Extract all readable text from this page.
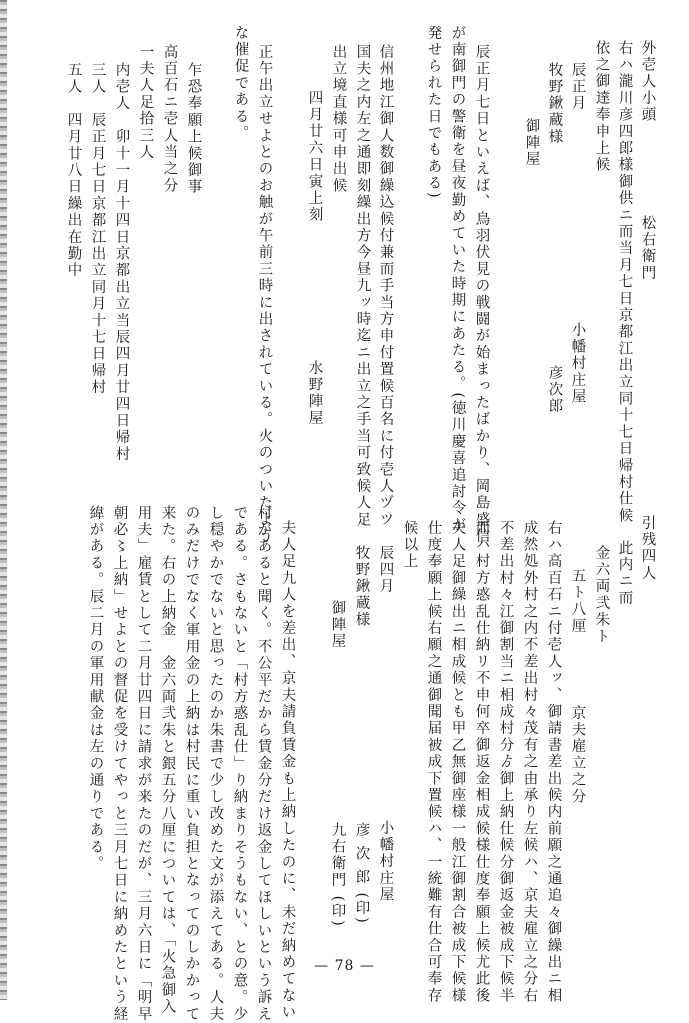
外壱人小頭

松右衛門

右ハ瀧川彦四郎様御供ニ而当月七日京都江出立同十七日帰村仕候

依之御達奉申上候

辰正月

小幡村庄屋

牧野鍬蔵様

彦次郎

御陣屋

辰正月七日といえば、鳥羽伏見の戦闘が始まったばかり、岡島盛信

が南御門の警衛を昼夜勤めていた時期にあたる。(徳川慶喜追討令が

発せられた日でもある)

信州地江御人数御繰込候付兼而手当方申付置候百名に付壱人ヅツ

国夫之内左之通即刻繰出方今昼九ッ時迄ニ出立之手当可致候人足

出立境直様可申出候

四月廿六日寅上刻

水野陣屋

正午出立せよとのお触が午前三時に出されている。火のついたよう

な催促である。

乍恐奉願上候御事

高百石ニ壱人当之分

一夫人足拾三人

内壱人　卯十一月十四日京都出立当辰四月廿四日帰村

三人　辰正月七日京都江出立同月十七日帰村

五人　四月廿八日繰出在勤中

引残四人

此内ニ而

金六両弐朱ト

五ト八厘

京夫雇立之分

右ハ高百石ニ付壱人ッ、御請書差出候内前願之通追々御繰出ニ相

成然処外村之内不差出村々茂有之由承り左候ハ、京夫雇立之分右

不差出村々江御割当ニ相成村分ゟ御上納仕候分御返金被成下候半

而ハ村方惑乱仕納リ不申何卒御返金相成候様仕度奉願上候尤此後

夫人足御繰出ニ相成候とも甲乙無御座様一般江御割合被成下候様

仕度奉願上候右願之通御聞届被成下置候ハ、一統難有仕合可奉存

候以上

辰四月

小幡村庄屋

牧野鍬蔵様

彦 次 郎 (印)

御陣屋

九右衛門 (印)

夫人足九人を差出、京夫請負賃金も上納したのに、未だ納めてない

村があると聞く。不公平だから賃金分だけ返金してほしいという訴え

である。さもないと「村方惑乱仕」り納まりそうもない、との意。少

し穏やかでないと思ったのか朱書で少し改めた文が添えてある。人夫

のみだけでなく軍用金の上納は村民に重い負担となってのしかかって

来た。右の上納金　金六両弐朱と銀五分八厘については、「火急御入

用夫」雇賃として二月廿四日に請求が来たのだが、三月六日に「明早

朝必〻上納」せよとの督促を受けてやっと三月七日に納めたという経

緯がある。辰二月の軍用献金は左の通りである。

— 78 —
